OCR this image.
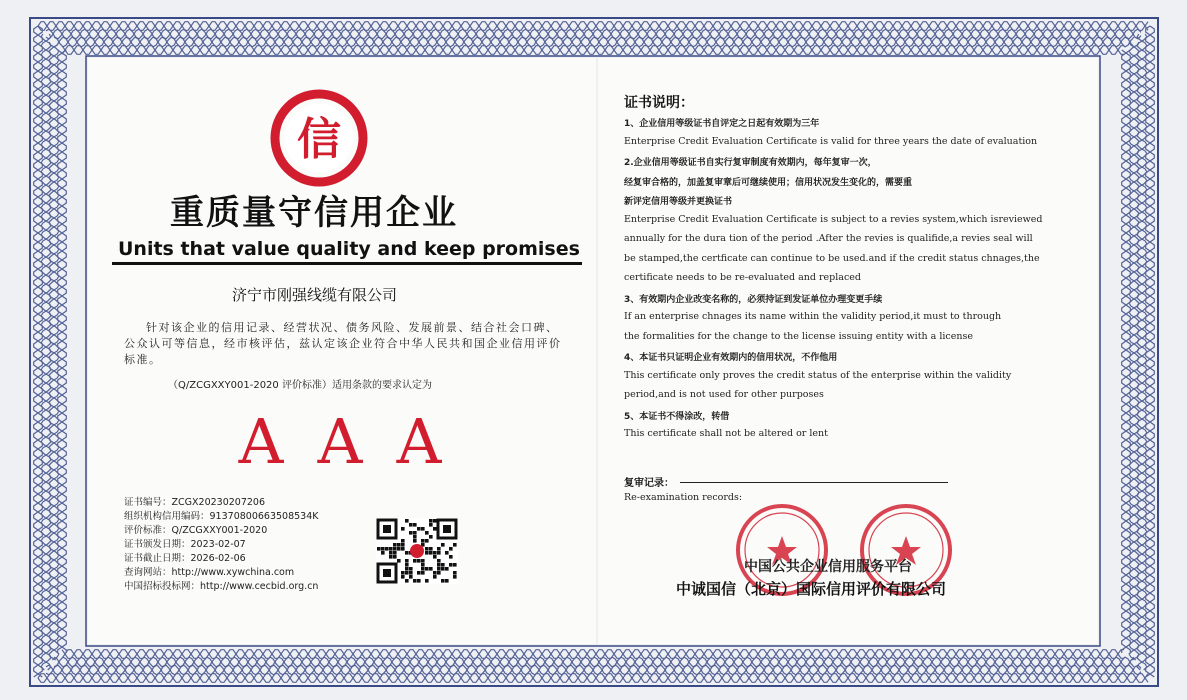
信
重质量守信用企业
Units that value quality and keep promises
济宁市刚强线缆有限公司
针对该企业的信用记录、经营状况、债务风险、发展前景、结合社会口碑、公众认可等信息，经市核评估，兹认定该企业符合中华人民共和国企业信用评价标准。
（Q/ZCGXXY001-2020 评价标准）适用条款的要求认定为
A A A
证书编号：ZCGX20230207206
组织机构信用编码：91370800663508534K
评价标准：Q/ZCGXXY001-2020
证书颁发日期：2023-02-07
证书截止日期：2026-02-06
查询网站：http://www.xywchina.com
中国招标投标网：http://www.cecbid.org.cn
证书说明：
1、企业信用等级证书自评定之日起有效期为三年
Enterprise Credit Evaluation Certificate is valid for three years the date of evaluation
2.企业信用等级证书自实行复审制度有效期内，每年复审一次，
经复审合格的，加盖复审章后可继续使用；信用状况发生变化的，需要重
新评定信用等级并更换证书
Enterprise Credit Evaluation Certificate is subject to a revies system,which isreviewed
annually for the dura tion of the period .After the revies is qualifide,a revies seal will
be stamped,the certficate can continue to be used.and if the credit status chnages,the
certificate needs to be re-evaluated and replaced
3、有效期内企业改变名称的，必须持证到发证单位办理变更手续
If an enterprise chnages its name within the validity period,it must to through
the formalities for the change to the license issuing entity with a license
4、本证书只证明企业有效期内的信用状况，不作他用
This certificate only proves the credit status of the enterprise within the validity
period,and is not used for other purposes
5、本证书不得涂改，转借
This certificate shall not be altered or lent
复审记录：
Re-examination records:
中国公共企业信用服务平台
中诚国信（北京）国际信用评价有限公司
